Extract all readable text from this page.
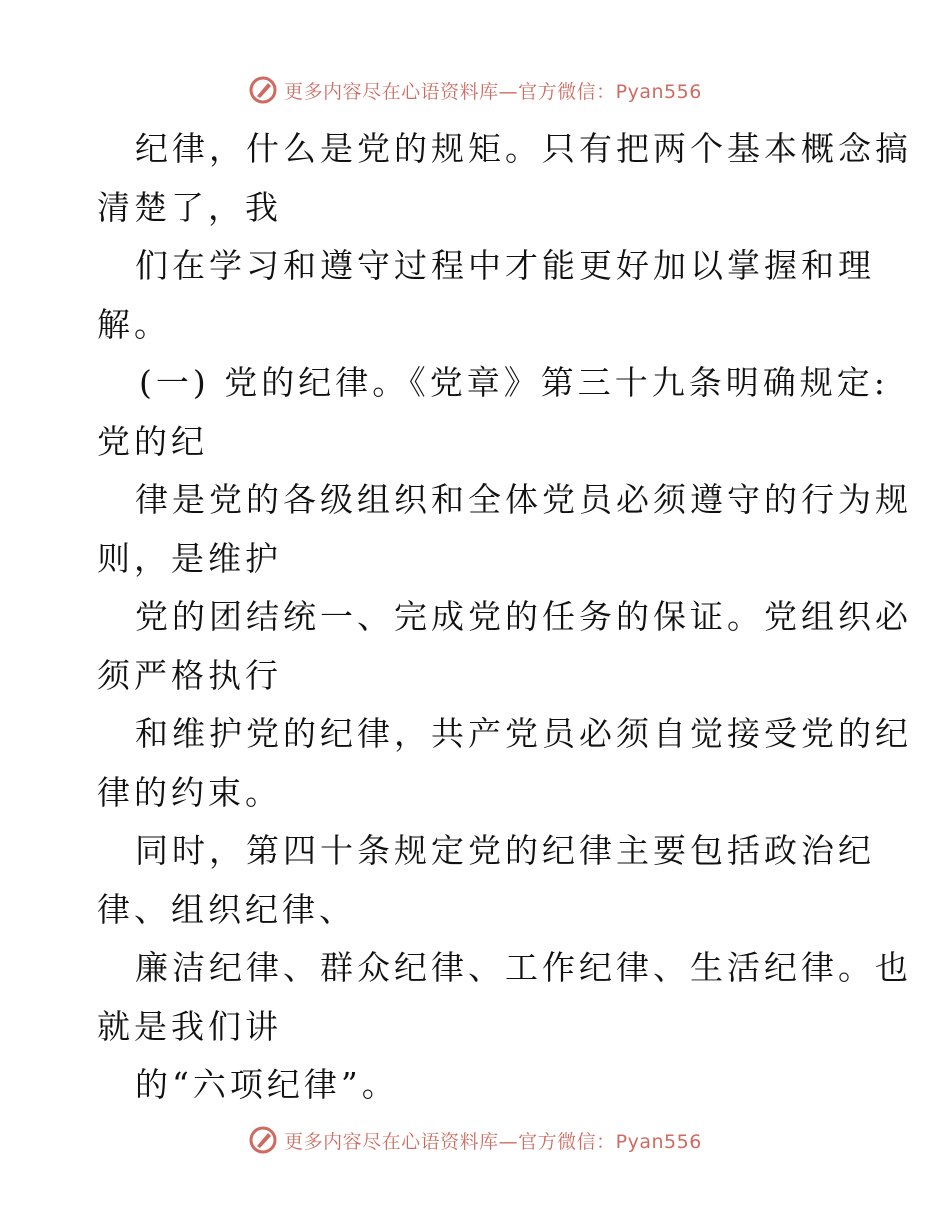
更多内容尽在心语资料库—官方微信：Pyan556
纪律，什么是党的规矩。只有把两个基本概念搞
清楚了，我
们在学习和遵守过程中才能更好加以掌握和理
解。
(一) 党的纪律。《党章》第三十九条明确规定:
党的纪
律是党的各级组织和全体党员必须遵守的行为规
则，是维护
党的团结统一、完成党的任务的保证。党组织必
须严格执行
和维护党的纪律，共产党员必须自觉接受党的纪
律的约束。
同时，第四十条规定党的纪律主要包括政治纪
律、组织纪律、
廉洁纪律、群众纪律、工作纪律、生活纪律。也
就是我们讲
的“六项纪律”。
更多内容尽在心语资料库—官方微信：Pyan556
